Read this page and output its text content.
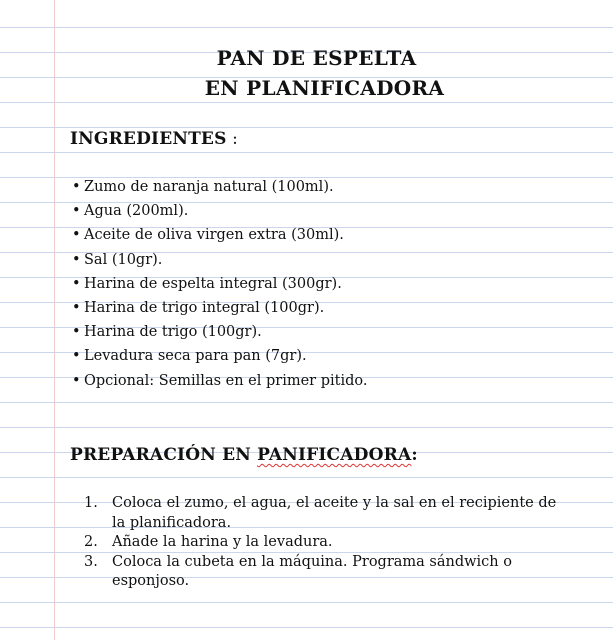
PAN DE ESPELTA
EN PLANIFICADORA
INGREDIENTES :
• Zumo de naranja natural (100ml).
• Agua (200ml).
• Aceite de oliva virgen extra (30ml).
• Sal (10gr).
• Harina de espelta integral (300gr).
• Harina de trigo integral (100gr).
• Harina de trigo (100gr).
• Levadura seca para pan (7gr).
• Opcional: Semillas en el primer pitido.
PREPARACIÓN EN PANIFICADORA:
1. Coloca el zumo, el agua, el aceite y la sal en el recipiente de la planificadora.
2. Añade la harina y la levadura.
3. Coloca la cubeta en la máquina. Programa sándwich o esponjoso.
